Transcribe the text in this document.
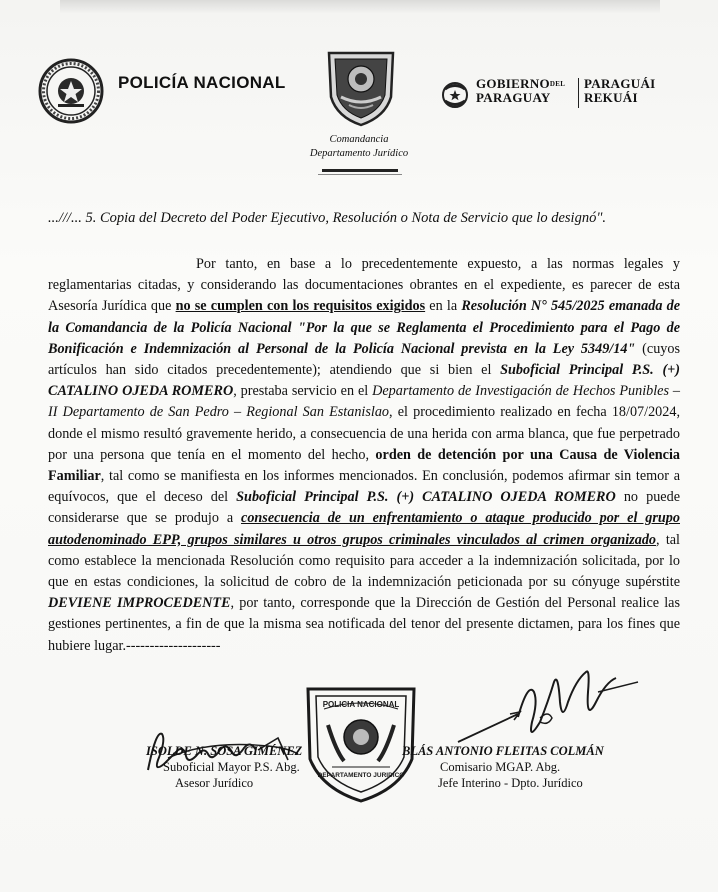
POLICÍA NACIONAL
Comandancia
Departamento Jurídico
$GOBIERNO^{DEL}$
PARAGUAY
PARAGUÁI
REKUÁI
...///... 5. Copia del Decreto del Poder Ejecutivo, Resolución o Nota de Servicio que lo designó".
Por tanto, en base a lo precedentemente expuesto, a las normas legales y reglamentarias citadas, y considerando las documentaciones obrantes en el expediente, es parecer de esta Asesoría Jurídica que no se cumplen con los requisitos exigidos en la Resolución N° 545/2025 emanada de la Comandancia de la Policía Nacional "Por la que se Reglamenta el Procedimiento para el Pago de Bonificación e Indemnización al Personal de la Policía Nacional prevista en la Ley 5349/14" (cuyos artículos han sido citados precedentemente); atendiendo que si bien el Suboficial Principal P.S. (+) CATALINO OJEDA ROMERO, prestaba servicio en el Departamento de Investigación de Hechos Punibles – II Departamento de San Pedro – Regional San Estanislao, el procedimiento realizado en fecha 18/07/2024, donde el mismo resultó gravemente herido, a consecuencia de una herida con arma blanca, que fue perpetrado por una persona que tenía en el momento del hecho, orden de detención por una Causa de Violencia Familiar, tal como se manifiesta en los informes mencionados. En conclusión, podemos afirmar sin temor a equívocos, que el deceso del Suboficial Principal P.S. (+) CATALINO OJEDA ROMERO no puede considerarse que se produjo a consecuencia de un enfrentamiento o ataque producido por el grupo autodenominado EPP, grupos similares u otros grupos criminales vinculados al crimen organizado, tal como establece la mencionada Resolución como requisito para acceder a la indemnización solicitada, por lo que en estas condiciones, la solicitud de cobro de la indemnización peticionada por su cónyuge supérstite DEVIENE IMPROCEDENTE, por tanto, corresponde que la Dirección de Gestión del Personal realice las gestiones pertinentes, a fin de que la misma sea notificada del tenor del presente dictamen, para los fines que hubiere lugar.--------------------
POLICIA NACIONAL
DEPARTAMENTO JURIDICO
ISOLDE N. SOSA GIMÉNEZ
Suboficial Mayor P.S. Abg.
Asesor Jurídico
BLÁS ANTONIO FLEITAS COLMÁN
Comisario MGAP. Abg.
Jefe Interino - Dpto. Jurídico
